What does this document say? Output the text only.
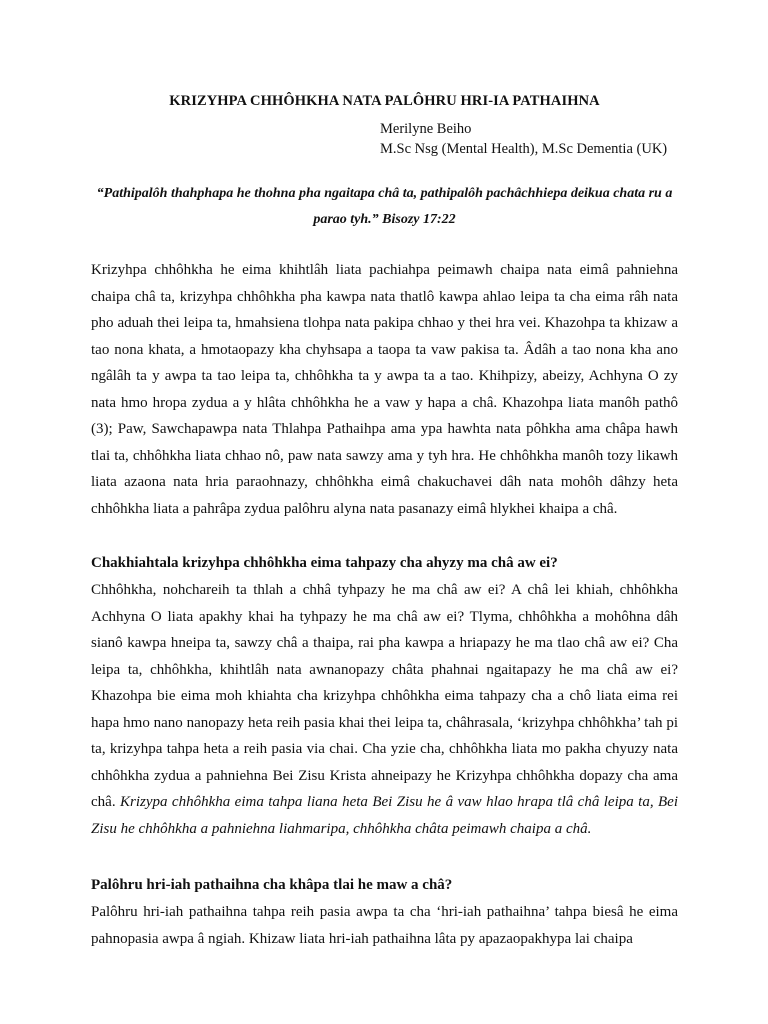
KRIZYHPA CHHÔHKHA NATA PALÔHRU HRI-IA PATHAIHNA
Merilyne Beiho
M.Sc Nsg (Mental Health), M.Sc Dementia (UK)
“Pathipalôh thahphapa he thohna pha ngaitapa châ ta, pathipalôh pachâchhiepa deikua chata ru a parao tyh.” Bisozy 17:22
Krizyhpa chhôhkha he eima khihtlâh liata pachiahpa peimawh chaipa nata eimâ pahniehna chaipa châ ta, krizyhpa chhôhkha pha kawpa nata thatlô kawpa ahlao leipa ta cha eima râh nata pho aduah thei leipa ta, hmahsiena tlohpa nata pakipa chhao y thei hra vei. Khazohpa ta khizaw a tao nona khata, a hmotaopazy kha chyhsapa a taopa ta vaw pakisa ta. Âdâh a tao nona kha ano ngâlâh ta y awpa ta tao leipa ta, chhôhkha ta y awpa ta a tao. Khihpizy, abeizy, Achhyna O zy nata hmo hropa zydua a y hlâta chhôhkha he a vaw y hapa a châ. Khazohpa liata manôh pathô (3); Paw, Sawchapawpa nata Thlahpa Pathaihpa ama ypa hawhta nata pôhkha ama châpa hawh tlai ta, chhôhkha liata chhao nô, paw nata sawzy ama y tyh hra. He chhôhkha manôh tozy likawh liata azaona nata hria paraohnazy, chhôhkha eimâ chakuchavei dâh nata mohôh dâhzy heta chhôhkha liata a pahrâpa zydua palôhru alyna nata pasanazy eimâ hlykhei khaipa a châ.
Chakhiahtala krizyhpa chhôhkha eima tahpazy cha ahyzy ma châ aw ei?
Chhôhkha, nohchareih ta thlah a chhâ tyhpazy he ma châ aw ei? A châ lei khiah, chhôhkha Achhyna O liata apakhy khai ha tyhpazy he ma châ aw ei? Tlyma, chhôhkha a mohôhna dâh sianô kawpa hneipa ta, sawzy châ a thaipa, rai pha kawpa a hriapazy he ma tlao châ aw ei? Cha leipa ta, chhôhkha, khihtlâh nata awnanopazy châta phahnai ngaitapazy he ma châ aw ei? Khazohpa bie eima moh khiahta cha krizyhpa chhôhkha eima tahpazy cha a chô liata eima rei hapa hmo nano nanopazy heta reih pasia khai thei leipa ta, châhrasala, ‘krizyhpa chhôhkha’ tah pi ta, krizyhpa tahpa heta a reih pasia via chai. Cha yzie cha, chhôhkha liata mo pakha chyuzy nata chhôhkha zydua a pahniehna Bei Zisu Krista ahneipazy he Krizyhpa chhôhkha dopazy cha ama châ. Krizypa chhôhkha eima tahpa liana heta Bei Zisu he â vaw hlao hrapa tlâ châ leipa ta, Bei Zisu he chhôhkha a pahniehna liahmaripa, chhôhkha châta peimawh chaipa a châ.
Palôhru hri-iah pathaihna cha khâpa tlai he maw a châ?
Palôhru hri-iah pathaihna tahpa reih pasia awpa ta cha ‘hri-iah pathaihna’ tahpa biesâ he eima pahnopasia awpa â ngiah. Khizaw liata hri-iah pathaihna lâta py apazaopakhypa lai chaipa
